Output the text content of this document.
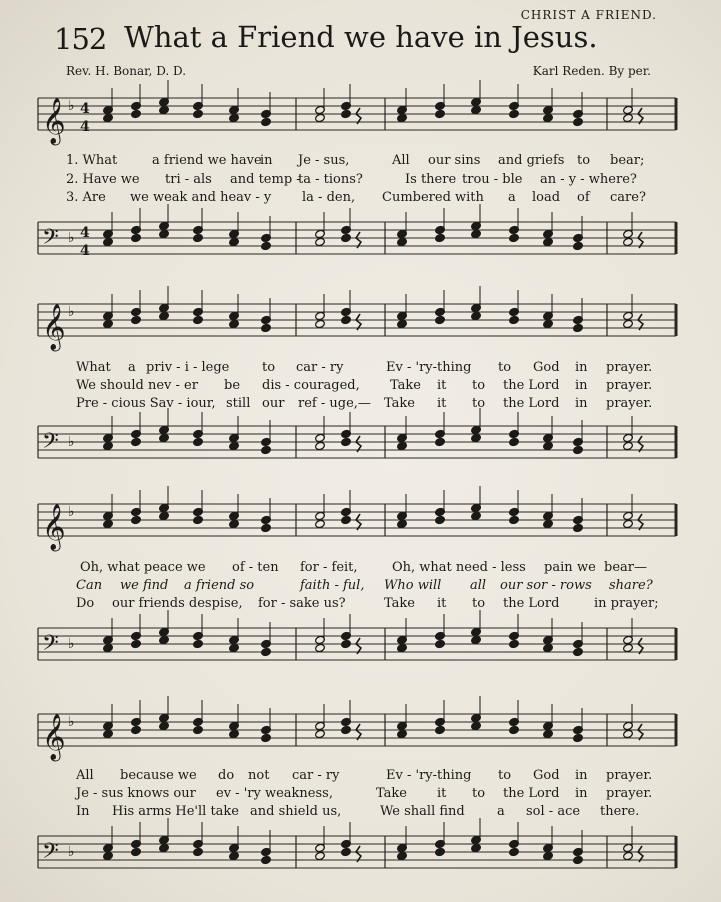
152 What a Friend we have in Jesus.
CHRIST A FRIEND.
Rev. H. Bonar, D. D.	Karl Reden. By per.
𝄞 ♭ 4
4
1. What	a friend we have
in Je - sus,	All our sins and griefs to bear;
2. Have we tri - als and temp -
ta - tions?	Is there trou - ble an - y - where?
3. Are we weak and heav - y la - den, Cumbered with a load of care?
𝄢 ♭ 4
4
𝄞 ♭
What a priv - i - lege	to car - ry	Ev - 'ry-thing to God in prayer.
We should nev - er be dis - couraged, Take it to the Lord in prayer.
Pre - cious Sav - iour, still our ref - uge,— Take it to the Lord in prayer.
𝄢 ♭
𝄞 ♭
Oh, what peace we of - ten for - feit,	Oh, what need - less pain we bear—
Can we find a friend so	faith - ful, Who will all our sor - rows share?
Do our friends despise, for - sake us?	Take it to the Lord	in prayer;
𝄢 ♭
𝄞 ♭
All because we do not car - ry	Ev - 'ry-thing to God in prayer.
Je - sus knows our ev - 'ry weakness,	Take it to the Lord in prayer.
In His arms He'll take and shield us,	We shall find a sol - ace there.
𝄢 ♭
